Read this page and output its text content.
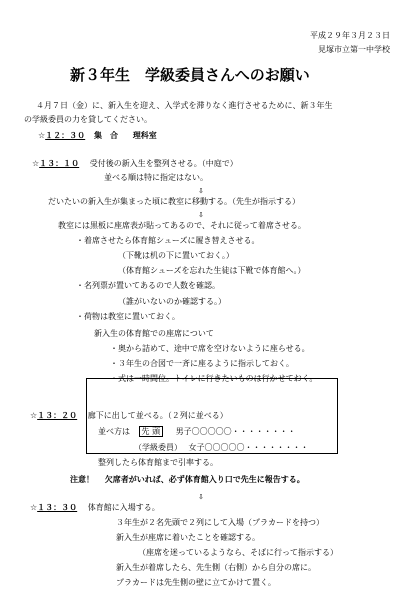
平成２９年３月２３日
見塚市立第一中学校
新３年生　学級委員さんへのお願い
４月７日（金）に、新入生を迎え、入学式を滞りなく進行させるために、新３年生
の学級委員の力を貸してください。
☆１２：３０ 集　合 理科室
☆１３：１０ 受付後の新入生を整列させる。（中庭で）
並べる順は特に指定はない。
⇩
だいたいの新入生が集まった頃に教室に移動する。（先生が指示する）
⇩
教室には黒板に座席表が貼ってあるので、それに従って着席させる。
・着席させたら体育館シューズに履き替えさせる。
（下靴は机の下に置いておく。）
（体育館シューズを忘れた生徒は下靴で体育館へ。）
・名列票が置いてあるので人数を確認。
（誰がいないのか確認する。）
・荷物は教室に置いておく。
新入生の体育館での座席について
・奥から詰めて、途中で席を空けないように座らせる。
・３年生の合図で一斉に座るように指示しておく。
・式は一時間位。トイレに行きたいものは行かせておく。
☆１３：２０ 廊下に出して並べる。（２列に並べる）
並べ方は 先 頭 男子〇〇〇〇〇・・・・・・・・
（学級委員） 女子〇〇〇〇〇・・・・・・・・
整列したら体育館まで引率する。
注意！ 欠席者がいれば、必ず体育館入り口で先生に報告する。
⇩
☆１３：３０ 体育館に入場する。
３年生が２名先頭で２列にして入場（プラカードを持つ）
新入生が座席に着いたことを確認する。
（座席を迷っているようなら、そばに行って指示する）
新入生が着席したら、先生側（右側）から自分の席に。
プラカードは先生側の壁に立てかけて置く。
